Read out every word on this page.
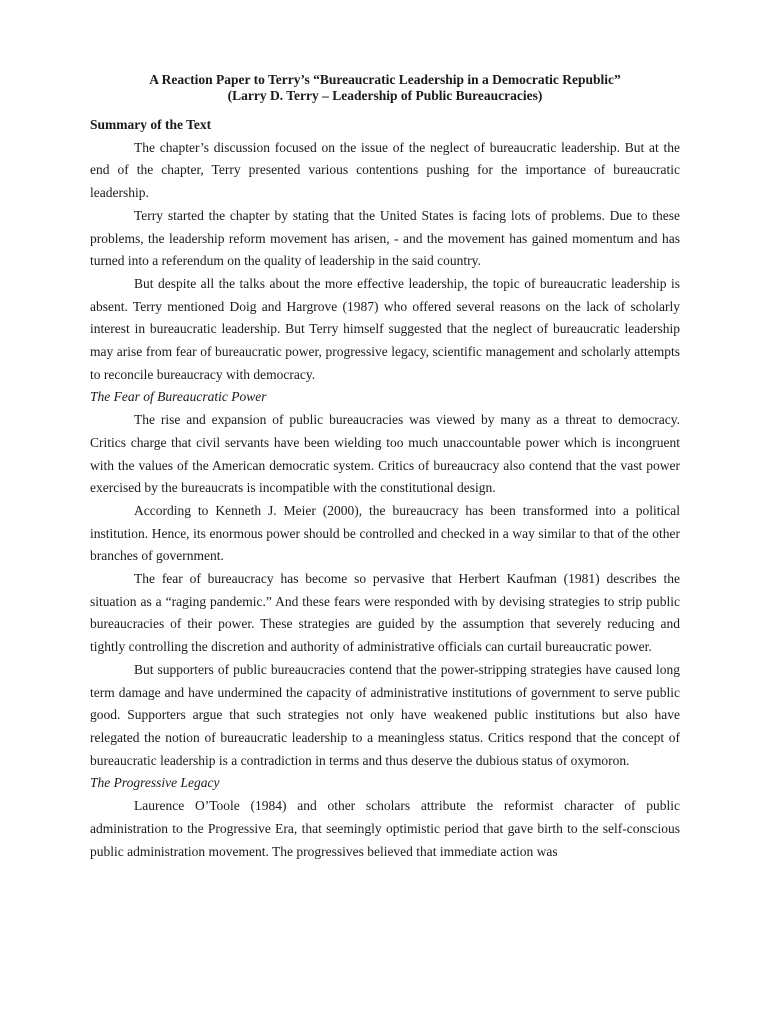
A Reaction Paper to Terry’s “Bureaucratic Leadership in a Democratic Republic”

(Larry D. Terry – Leadership of Public Bureaucracies)

Summary of the Text

The chapter’s discussion focused on the issue of the neglect of bureaucratic leadership. But at the end of the chapter, Terry presented various contentions pushing for the importance of bureaucratic leadership.

Terry started the chapter by stating that the United States is facing lots of problems. Due to these problems, the leadership reform movement has arisen, - and the movement has gained momentum and has turned into a referendum on the quality of leadership in the said country.

But despite all the talks about the more effective leadership, the topic of bureaucratic leadership is absent. Terry mentioned Doig and Hargrove (1987) who offered several reasons on the lack of scholarly interest in bureaucratic leadership. But Terry himself suggested that the neglect of bureaucratic leadership may arise from fear of bureaucratic power, progressive legacy, scientific management and scholarly attempts to reconcile bureaucracy with democracy.

The Fear of Bureaucratic Power

The rise and expansion of public bureaucracies was viewed by many as a threat to democracy. Critics charge that civil servants have been wielding too much unaccountable power which is incongruent with the values of the American democratic system. Critics of bureaucracy also contend that the vast power exercised by the bureaucrats is incompatible with the constitutional design.

According to Kenneth J. Meier (2000), the bureaucracy has been transformed into a political institution. Hence, its enormous power should be controlled and checked in a way similar to that of the other branches of government.

The fear of bureaucracy has become so pervasive that Herbert Kaufman (1981) describes the situation as a “raging pandemic.” And these fears were responded with by devising strategies to strip public bureaucracies of their power. These strategies are guided by the assumption that severely reducing and tightly controlling the discretion and authority of administrative officials can curtail bureaucratic power.

But supporters of public bureaucracies contend that the power-stripping strategies have caused long term damage and have undermined the capacity of administrative institutions of government to serve public good. Supporters argue that such strategies not only have weakened public institutions but also have relegated the notion of bureaucratic leadership to a meaningless status. Critics respond that the concept of bureaucratic leadership is a contradiction in terms and thus deserve the dubious status of oxymoron.

The Progressive Legacy

Laurence O’Toole (1984) and other scholars attribute the reformist character of public administration to the Progressive Era, that seemingly optimistic period that gave birth to the self-conscious public administration movement. The progressives believed that immediate action was
